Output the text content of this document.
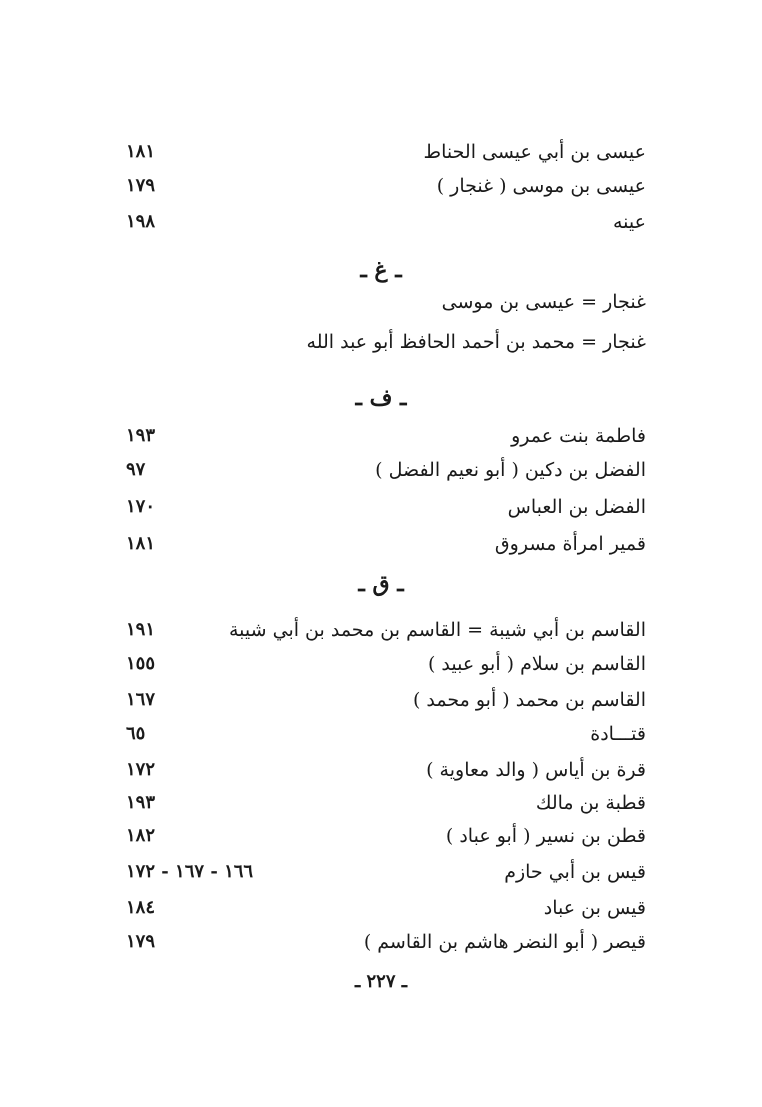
عيسى بن أبي عيسى الحناط
١٨١
عيسى بن موسى ( غنجار )
١٧٩
عينه
١٩٨
ـ غ ـ
غنجار = عيسى بن موسى
غنجار = محمد بن أحمد الحافظ أبو عبد الله
ـ ف ـ
فاطمة بنت عمرو
١٩٣
الفضل بن دكين ( أبو نعيم الفضل )
٩٧
الفضل بن العباس
١٧٠
قمير امرأة مسروق
١٨١
ـ ق ـ
القاسم بن أبي شيبة = القاسم بن محمد بن أبي شيبة
١٩١
القاسم بن سلام ( أبو عبيد )
١٥٥
القاسم بن محمد ( أبو محمد )
١٦٧
قتـــادة
٦٥
قرة بن أياس ( والد معاوية )
١٧٢
قطبة بن مالك
١٩٣
قطن بن نسير ( أبو عباد )
١٨٢
قيس بن أبي حازم
١٦٦ - ١٦٧ - ١٧٢
قيس بن عباد
١٨٤
قيصر ( أبو النضر هاشم بن القاسم )
١٧٩
ـ ٢٢٧ ـ
